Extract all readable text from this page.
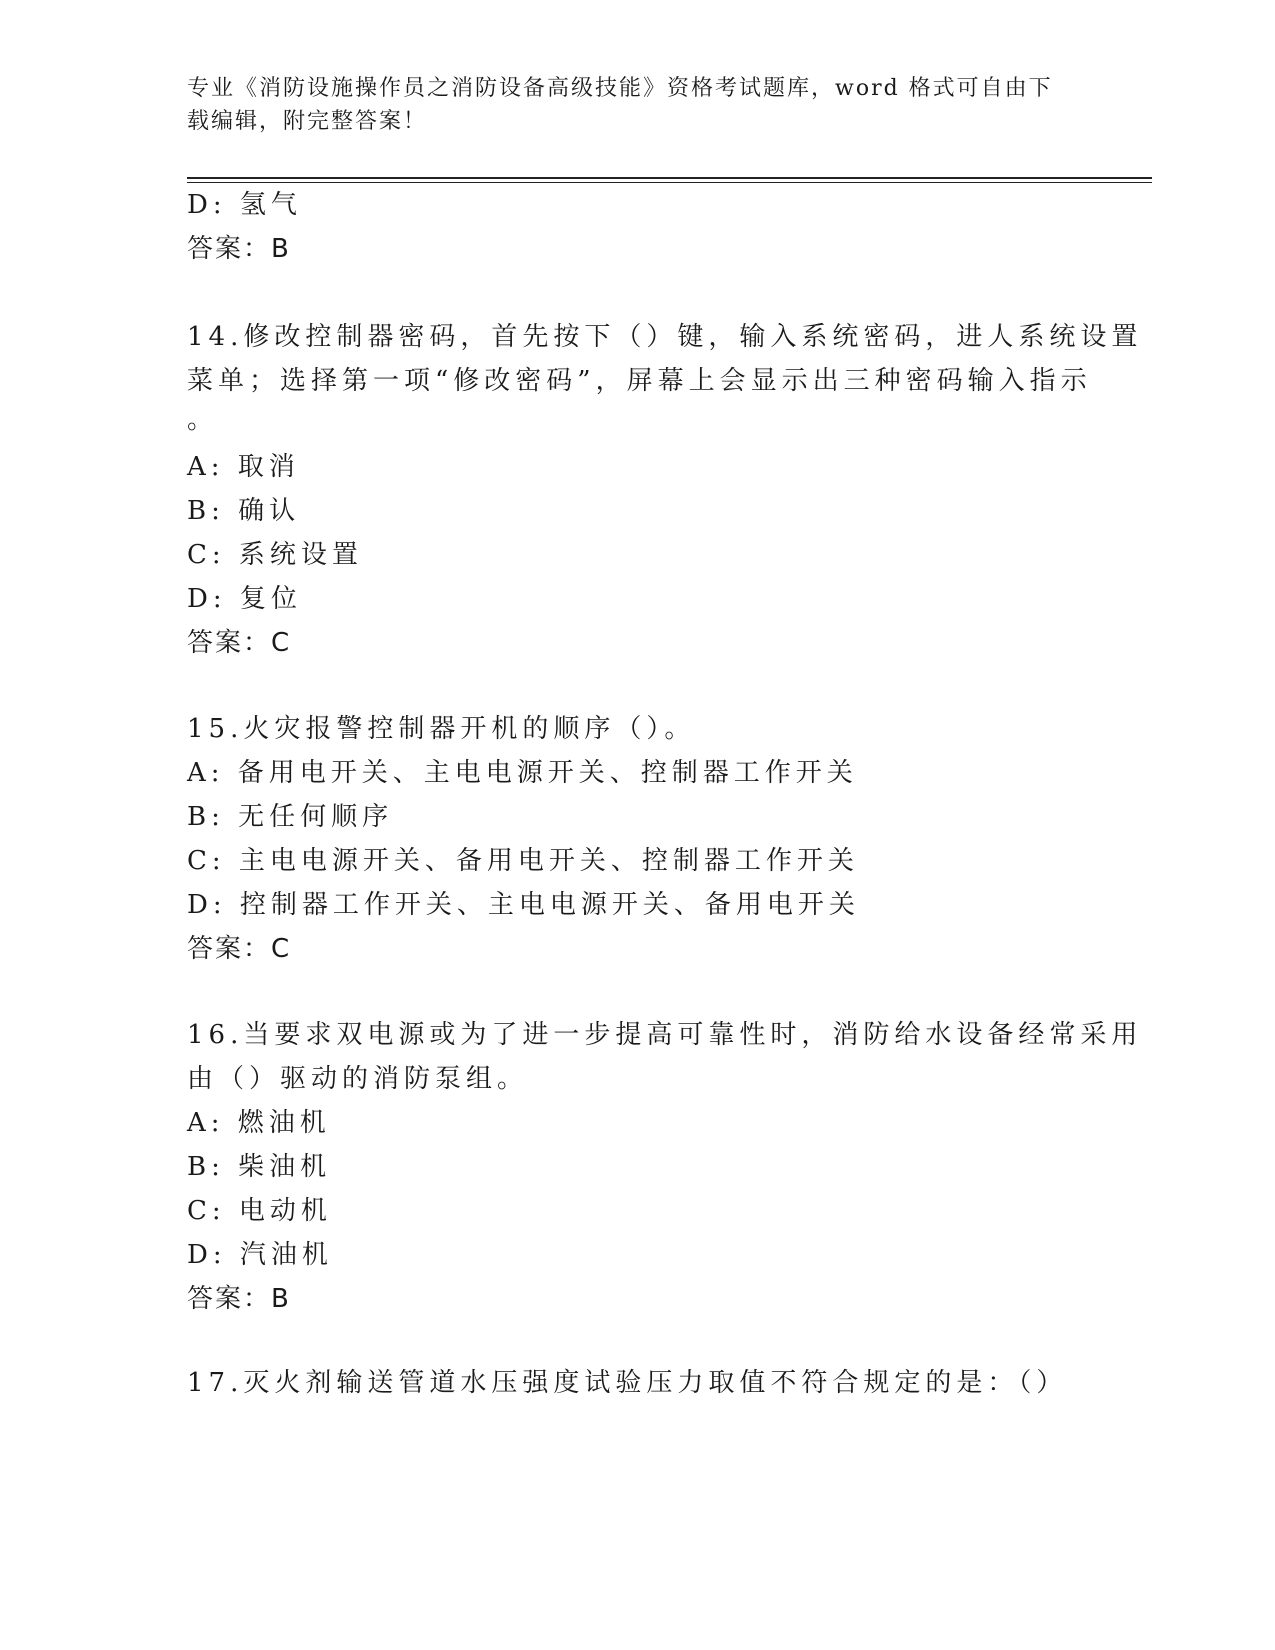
专业《消防设施操作员之消防设备高级技能》资格考试题库，word 格式可自由下
载编辑，附完整答案！
D: 氢气
答案：B
14.修改控制器密码，首先按下（）键，输入系统密码，进人系统设置
菜单；选择第一项“修改密码”，屏幕上会显示出三种密码输入指示
。
A: 取消
B: 确认
C: 系统设置
D: 复位
答案：C
15.火灾报警控制器开机的顺序（）。
A: 备用电开关、主电电源开关、控制器工作开关
B: 无任何顺序
C: 主电电源开关、备用电开关、控制器工作开关
D: 控制器工作开关、主电电源开关、备用电开关
答案：C
16.当要求双电源或为了进一步提高可靠性时，消防给水设备经常采用
由（）驱动的消防泵组。
A: 燃油机
B: 柴油机
C: 电动机
D: 汽油机
答案：B
17.灭火剂输送管道水压强度试验压力取值不符合规定的是：（）
